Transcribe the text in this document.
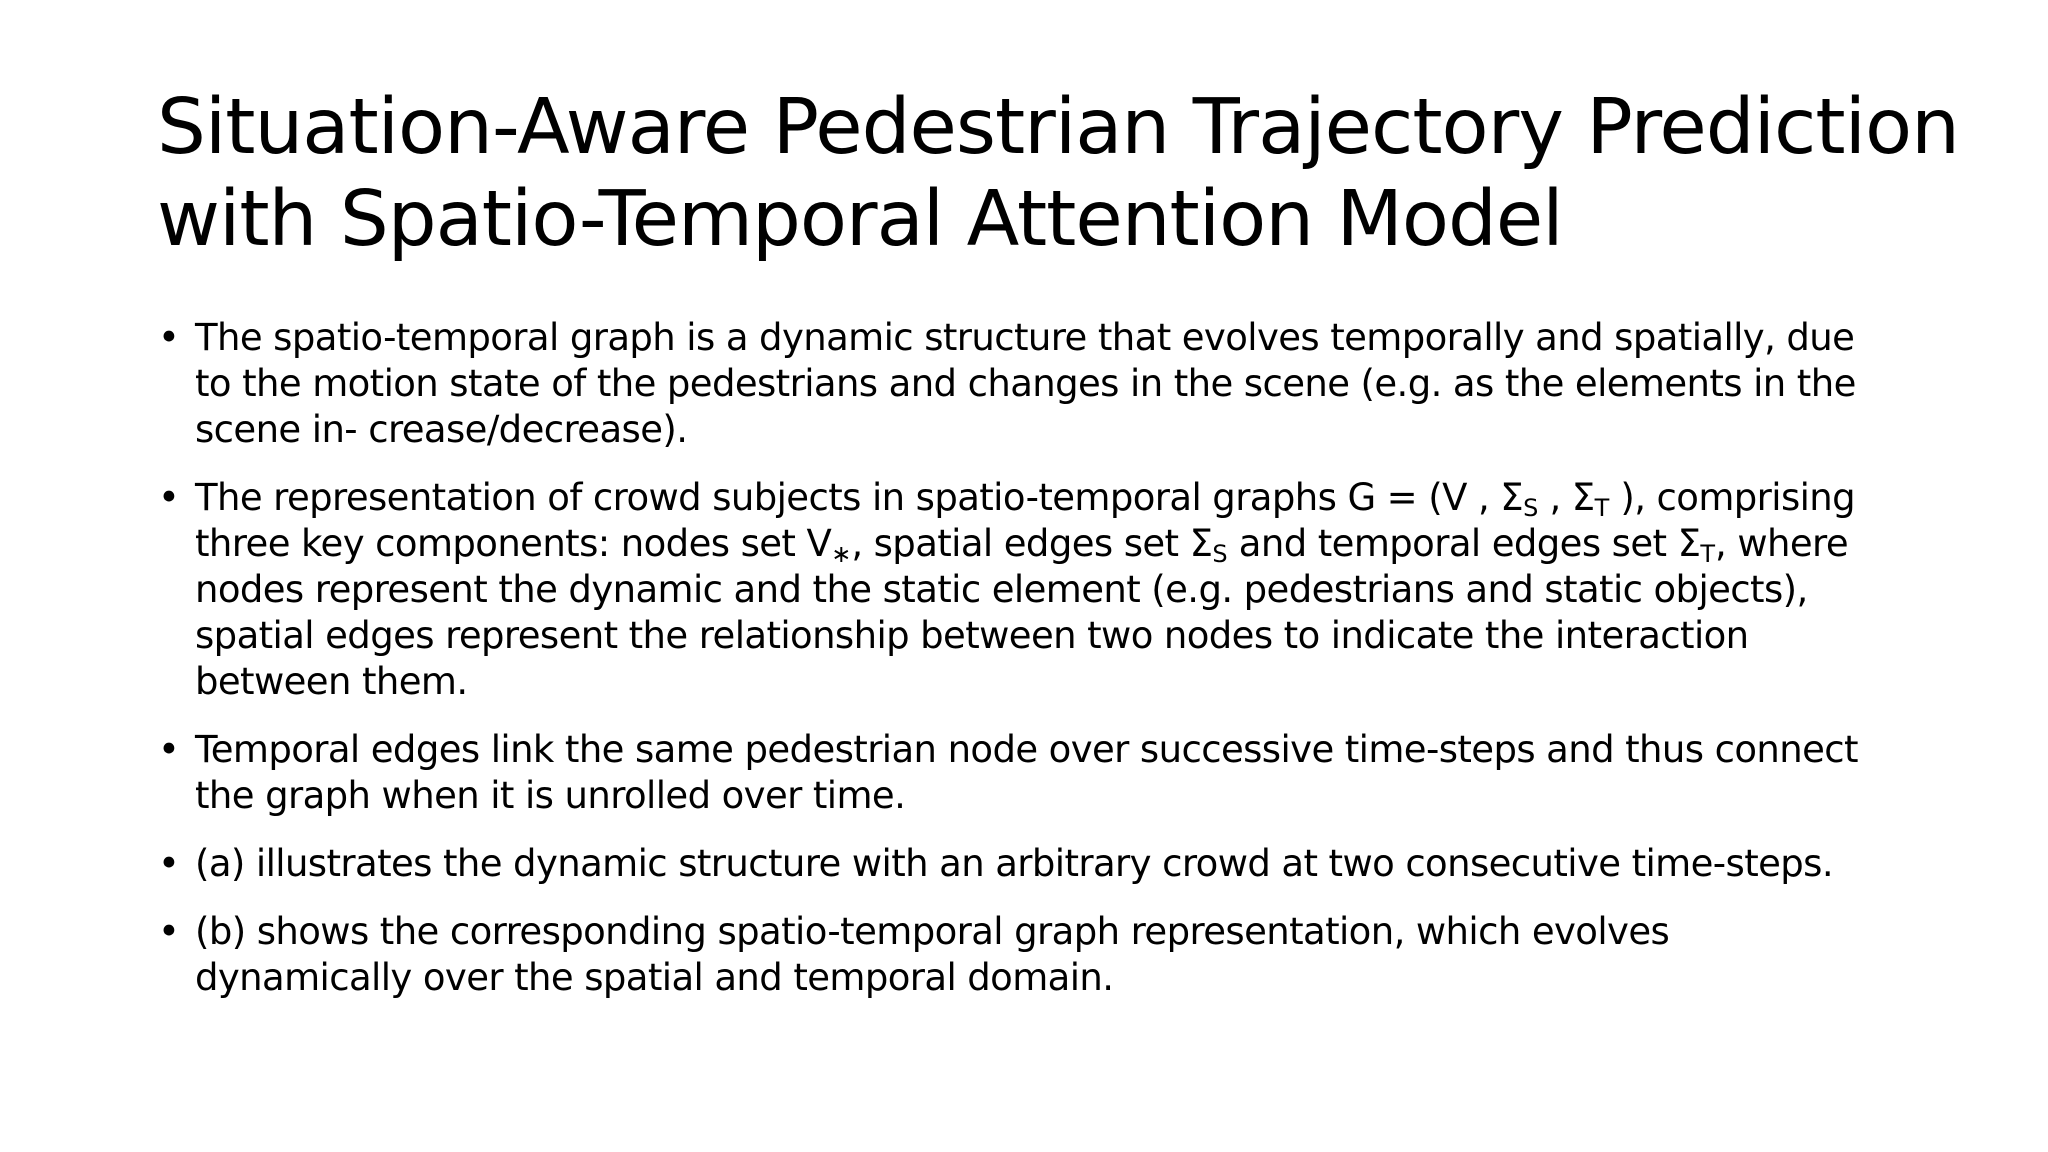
Situation-Aware Pedestrian Trajectory Prediction
with Spatio-Temporal Attention Model
• The spatio-temporal graph is a dynamic structure that evolves temporally and spatially, due
to the motion state of the pedestrians and changes in the scene (e.g. as the elements in the
scene in- crease/decrease).
• The representation of crowd subjects in spatio-temporal graphs G = (V , $\Sigma_S$ , $\Sigma_T$ ), comprising
three key components: nodes set $V_∗$, spatial edges set $\Sigma_S$ and temporal edges set $\Sigma_T$, where
nodes represent the dynamic and the static element (e.g. pedestrians and static objects),
spatial edges represent the relationship between two nodes to indicate the interaction
between them.
• Temporal edges link the same pedestrian node over successive time-steps and thus connect
the graph when it is unrolled over time.
• (a) illustrates the dynamic structure with an arbitrary crowd at two consecutive time-steps.
• (b) shows the corresponding spatio-temporal graph representation, which evolves
dynamically over the spatial and temporal domain.
